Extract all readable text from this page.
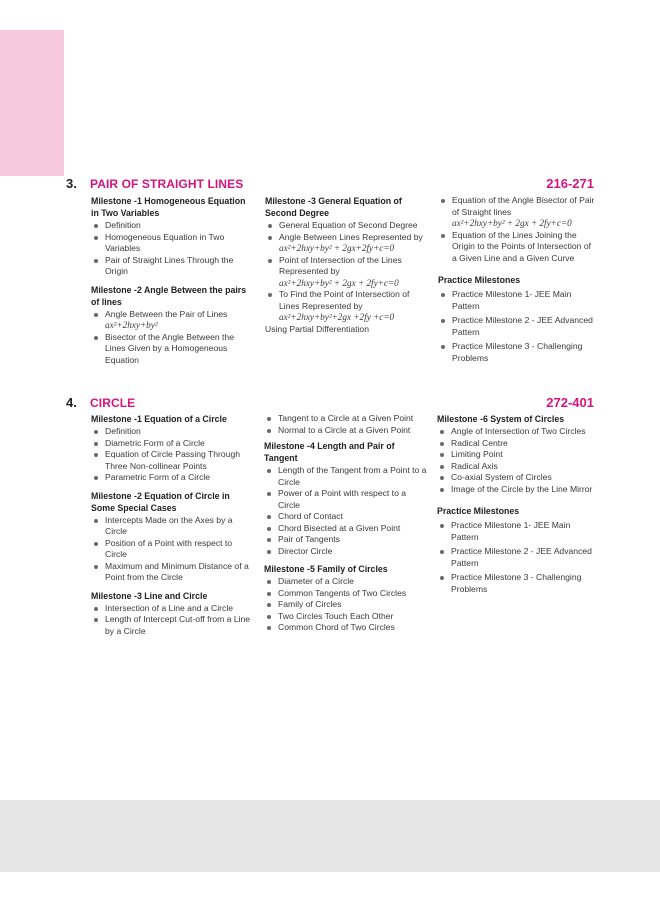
3. PAIR OF STRAIGHT LINES	216-271
Milestone -1 Homogeneous Equation in Two Variables
Definition
Homogeneous Equation in Two Variables
Pair of Straight Lines Through the Origin
Milestone -2 Angle Between the pairs of lines
Angle Between the Pair of Lines
ax²+2hxy+by²
Bisector of the Angle Between the Lines Given by a Homogeneous Equation
Milestone -3 General Equation of Second Degree
General Equation of Second Degree
Angle Between Lines Represented by ax²+2hxy+by² + 2gx+2fy+c=0
Point of Intersection of the Lines Represented by
ax²+2hxy+by² + 2gx + 2fy+c=0
To Find the Point of Intersection of Lines Represented by
ax²+2hxy+by²+2gx +2fy +c=0
Using Partial Differentiation
Equation of the Angle Bisector of Pair of Straight lines
ax²+2hxy+by² + 2gx + 2fy+c=0
Equation of the Lines Joining the Origin to the Points of Intersection of a Given Line and a Given Curve
Practice Milestones
Practice Milestone 1- JEE Main Pattern
Practice Milestone 2 - JEE Advanced Pattern
Practice Milestone 3 - Challenging Problems
4. CIRCLE	272-401
Milestone -1 Equation of a Circle
Definition
Diametric Form of a Circle
Equation of Circle Passing Through Three Non-collinear Points
Parametric Form of a Circle
Milestone -2 Equation of Circle in Some Special Cases
Intercepts Made on the Axes by a Circle
Position of a Point with respect to Circle
Maximum and Minimum Distance of a Point from the Circle
Milestone -3 Line and Circle
Intersection of a Line and a Circle
Length of Intercept Cut-off from a Line by a Circle
Tangent to a Circle at a Given Point
Normal to a Circle at a Given Point
Milestone -4 Length and Pair of Tangent
Length of the Tangent from a Point to a Circle
Power of a Point with respect to a Circle
Chord of Contact
Chord Bisected at a Given Point
Pair of Tangents
Director Circle
Milestone -5 Family of Circles
Diameter of a Circle
Common Tangents of Two Circles
Family of Circles
Two Circles Touch Each Other
Common Chord of Two Circles
Milestone -6 System of Circles
Angle of Intersection of Two Circles
Radical Centre
Limiting Point
Radical Axis
Co-axial System of Circles
Image of the Circle by the Line Mirror
Practice Milestones
Practice Milestone 1- JEE Main Pattern
Practice Milestone 2 - JEE Advanced Pattern
Practice Milestone 3 - Challenging Problems
